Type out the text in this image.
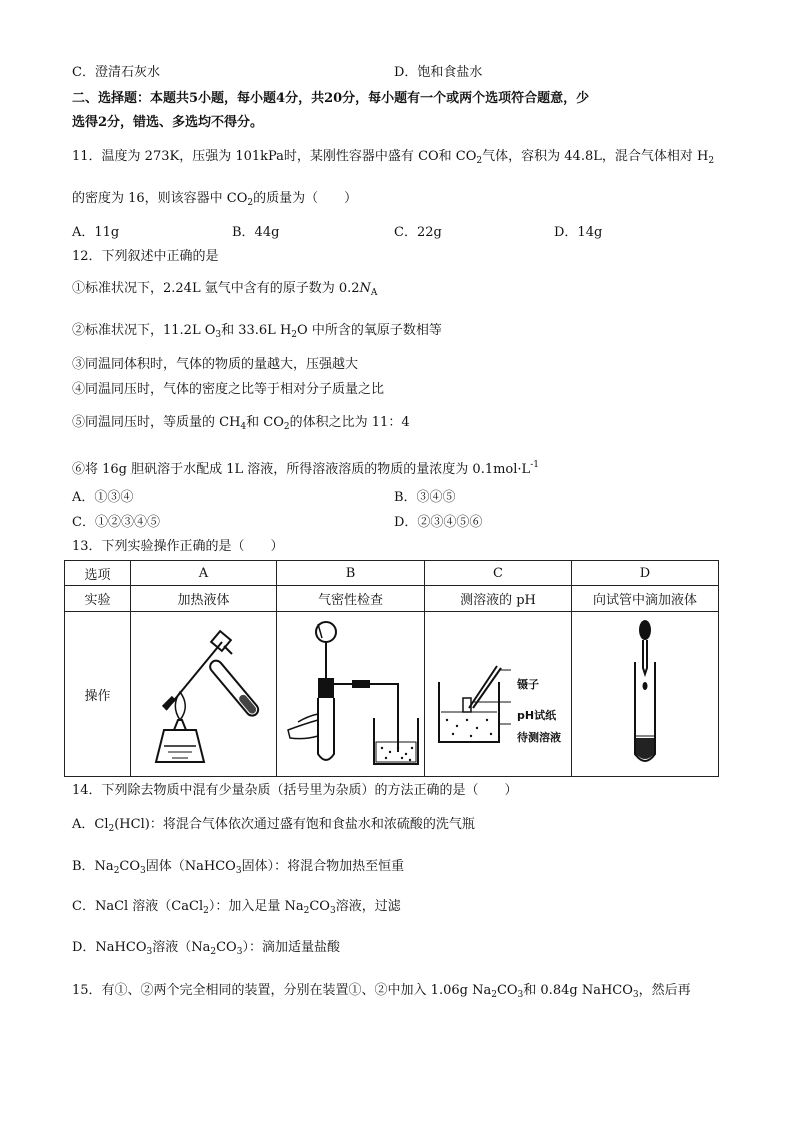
C．澄清石灰水	D．饱和食盐水
二、选择题：本题共5小题，每小题4分，共20分，每小题有一个或两个选项符合题意，少
选得2分，错选、多选均不得分。
11．温度为 273K，压强为 101kPa时，某刚性容器中盛有 CO和 $CO_2$气体，容积为 44.8L，混合气体相对 $H_2$
的密度为 16，则该容器中 $CO_2$的质量为（　　）
A．11g	B．44g	C．22g	D．14g
12．下列叙述中正确的是
①标准状况下，2.24L 氩气中含有的原子数为 $0.2N_A$
②标准状况下，11.2L $O_3$和 33.6L $H_2O$ 中所含的氧原子数相等
③同温同体积时，气体的物质的量越大，压强越大
④同温同压时，气体的密度之比等于相对分子质量之比
⑤同温同压时，等质量的 $CH_4$和 $CO_2$的体积之比为 11：4
⑥将 16g 胆矾溶于水配成 1L 溶液，所得溶液溶质的物质的量浓度为 $0.1mol\cdot L^{-1}$
A．①③④	B．③④⑤
C．①②③④⑤	D．②③④⑤⑥
13．下列实验操作正确的是（　　）
选项	A	B	C	D
实验	加热液体	气密性检查	测溶液的 pH	向试管中滴加液体
操作			镊子
pH试纸
待测溶液

14．下列除去物质中混有少量杂质（括号里为杂质）的方法正确的是（　　）
A．$Cl_2(HCl)$：将混合气体依次通过盛有饱和食盐水和浓硫酸的洗气瓶
B．$Na_2CO_3$固体（NaHCO$_3$固体）：将混合物加热至恒重
C．NaCl 溶液（CaCl$_2$）：加入足量 $Na_2CO_3$溶液，过滤
D．NaHCO$_3$溶液$(Na_2CO_3)$：滴加适量盐酸
15．有①、②两个完全相同的装置，分别在装置①、②中加入 1.06g $Na_2CO_3$和 0.84g NaHCO$_3$，然后再
